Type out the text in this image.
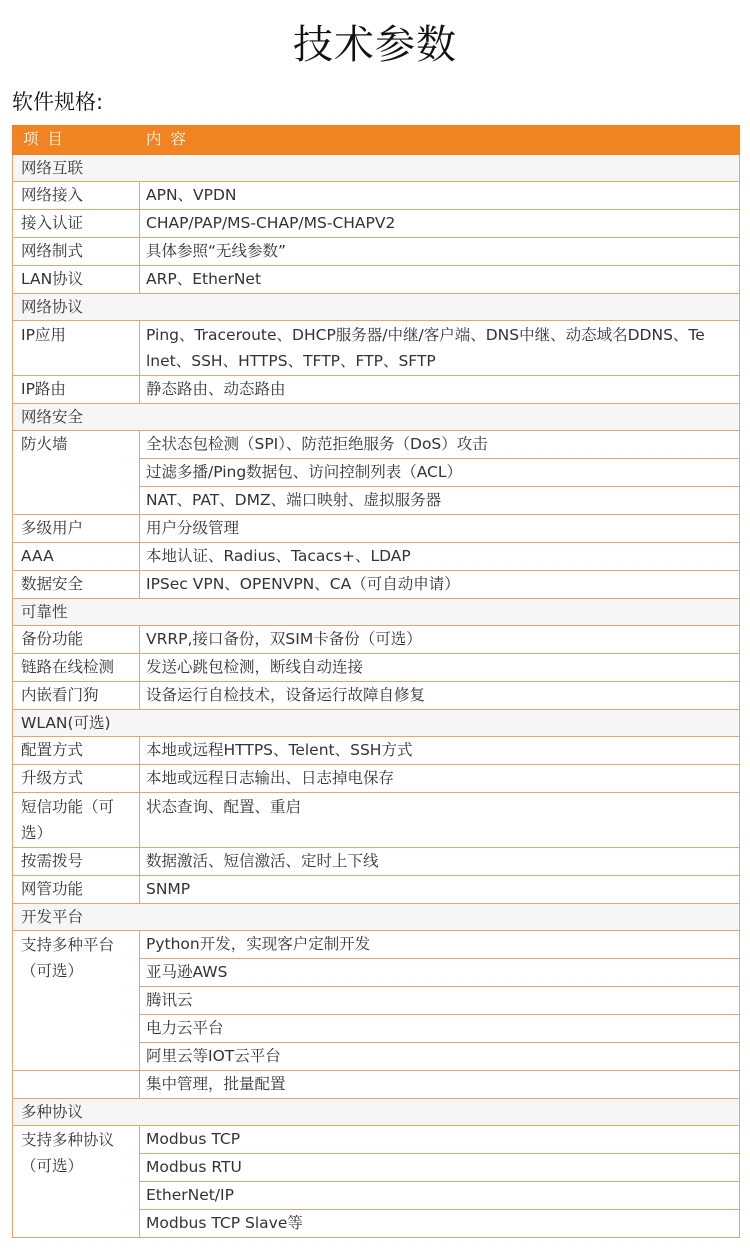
技术参数
软件规格:
项 目	内 容
网络互联	
网络接入	APN、VPDN
接入认证	CHAP/PAP/MS-CHAP/MS-CHAPV2
网络制式	具体参照“无线参数”
LAN协议	ARP、EtherNet
网络协议	
IP应用	Ping、Traceroute、DHCP服务器/中继/客户端、DNS中继、动态域名DDNS、Telnet、SSH、HTTPS、TFTP、FTP、SFTP
IP路由	静态路由、动态路由
网络安全	
防火墙	全状态包检测（SPI）、防范拒绝服务（DoS）攻击
	过滤多播/Ping数据包、访问控制列表（ACL）
	NAT、PAT、DMZ、端口映射、虚拟服务器
多级用户	用户分级管理
AAA	本地认证、Radius、Tacacs+、LDAP
数据安全	IPSec VPN、OPENVPN、CA（可自动申请）
可靠性	
备份功能	VRRP,接口备份，双SIM卡备份（可选）
链路在线检测	发送心跳包检测，断线自动连接
内嵌看门狗	设备运行自检技术，设备运行故障自修复
WLAN(可选)	
配置方式	本地或远程HTTPS、Telent、SSH方式
升级方式	本地或远程日志输出、日志掉电保存
短信功能（可选）	状态查询、配置、重启
按需拨号	数据激活、短信激活、定时上下线
网管功能	SNMP
开发平台	
支持多种平台（可选）	Python开发，实现客户定制开发
	亚马逊AWS
	腾讯云
	电力云平台
	阿里云等IOT云平台
	集中管理，批量配置
多种协议	
支持多种协议（可选）	Modbus TCP
	Modbus RTU
	EtherNet/IP
	Modbus TCP Slave等
